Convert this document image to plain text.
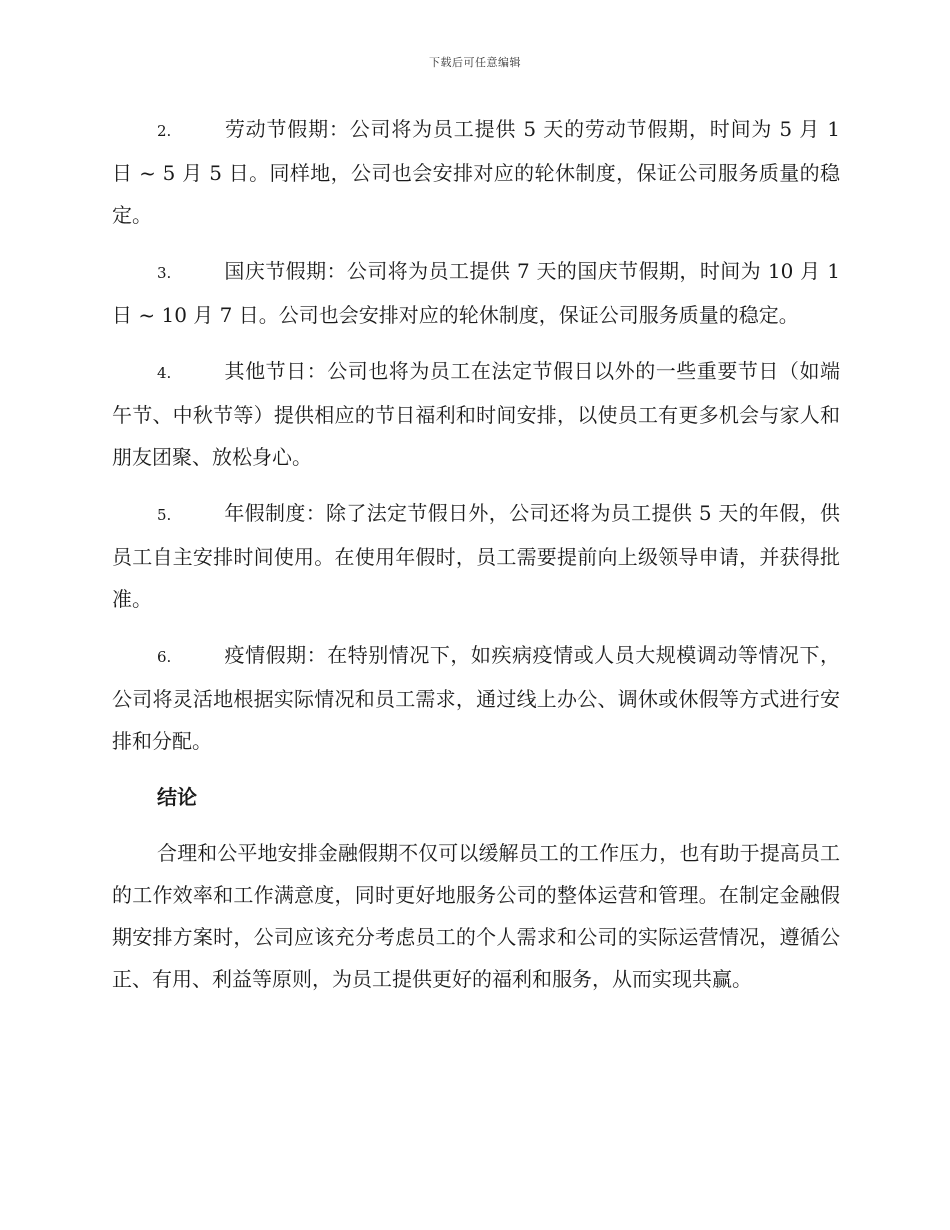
下载后可任意编辑

2.	劳动节假期：公司将为员工提供 5 天的劳动节假期，时间为 5 月 1 日 ~ 5 月 5 日。同样地，公司也会安排对应的轮休制度，保证公司服务质量的稳定。

3.	国庆节假期：公司将为员工提供 7 天的国庆节假期，时间为 10 月 1 日 ~ 10 月 7 日。公司也会安排对应的轮休制度，保证公司服务质量的稳定。

4.	其他节日：公司也将为员工在法定节假日以外的一些重要节日（如端午节、中秋节等）提供相应的节日福利和时间安排，以使员工有更多机会与家人和朋友团聚、放松身心。

5.	年假制度：除了法定节假日外，公司还将为员工提供 5 天的年假，供员工自主安排时间使用。在使用年假时，员工需要提前向上级领导申请，并获得批准。

6.	疫情假期：在特别情况下，如疾病疫情或人员大规模调动等情况下，公司将灵活地根据实际情况和员工需求，通过线上办公、调休或休假等方式进行安排和分配。

结论

合理和公平地安排金融假期不仅可以缓解员工的工作压力，也有助于提高员工的工作效率和工作满意度，同时更好地服务公司的整体运营和管理。在制定金融假期安排方案时，公司应该充分考虑员工的个人需求和公司的实际运营情况，遵循公正、有用、利益等原则，为员工提供更好的福利和服务，从而实现共赢。
